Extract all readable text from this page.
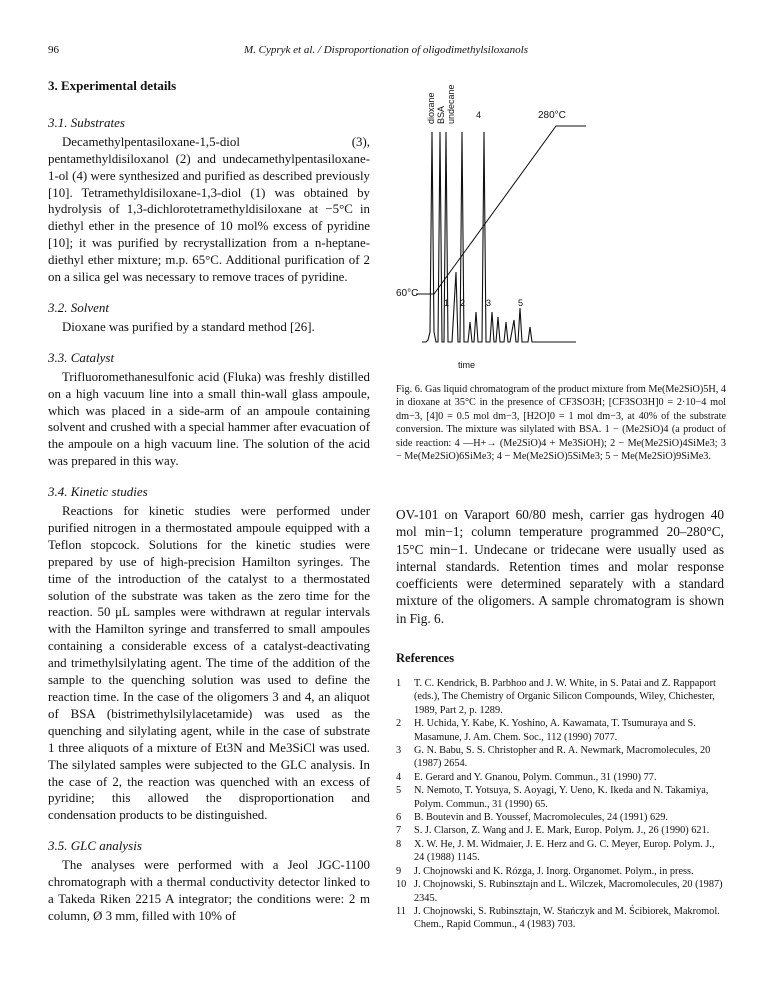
96	M. Cypryk et al. / Disproportionation of oligodimethylsiloxanols
3. Experimental details
3.1. Substrates

Decamethylpentasiloxane-1,5-diol (3), pentamethyldisiloxanol (2) and undecamethylpentasiloxane-1-ol (4) were synthesized and purified as described previously [10]. Tetramethyldisiloxane-1,3-diol (1) was obtained by hydrolysis of 1,3-dichlorotetramethyldisiloxane at −5°C in diethyl ether in the presence of 10 mol% excess of pyridine [10]; it was purified by recrystallization from a n-heptane-diethyl ether mixture; m.p. 65°C. Additional purification of 2 on a silica gel was necessary to remove traces of pyridine.

3.2. Solvent

Dioxane was purified by a standard method [26].

3.3. Catalyst

Trifluoromethanesulfonic acid (Fluka) was freshly distilled on a high vacuum line into a small thin-wall glass ampoule, which was placed in a side-arm of an ampoule containing solvent and crushed with a special hammer after evacuation of the ampoule on a high vacuum line. The solution of the acid was prepared in this way.

3.4. Kinetic studies

Reactions for kinetic studies were performed under purified nitrogen in a thermostated ampoule equipped with a Teflon stopcock. Solutions for the kinetic studies were prepared by use of high-precision Hamilton syringes. The time of the introduction of the catalyst to a thermostated solution of the substrate was taken as the zero time for the reaction. 50 μL samples were withdrawn at regular intervals with the Hamilton syringe and transferred to small ampoules containing a considerable excess of a catalyst-deactivating and trimethylsilylating agent. The time of the addition of the sample to the quenching solution was used to define the reaction time. In the case of the oligomers 3 and 4, an aliquot of BSA (bistrimethylsilylacetamide) was used as the quenching and silylating agent, while in the case of substrate 1 three aliquots of a mixture of Et3N and Me3SiCl was used. The silylated samples were subjected to the GLC analysis. In the case of 2, the reaction was quenched with an excess of pyridine; this allowed the disproportionation and condensation products to be distinguished.

3.5. GLC analysis

The analyses were performed with a Jeol JGC-1100 chromatograph with a thermal conductivity detector linked to a Takeda Riken 2215 A integrator; the conditions were: 2 m column, Ø 3 mm, filled with 10% of

dioxane BSA undecane 4	280°C
60°C
1 2 3	5
time
Fig. 6. Gas liquid chromatogram of the product mixture from Me(Me2SiO)5H, 4 in dioxane at 35°C in the presence of CF3SO3H; [CF3SO3H]0 = 2·10−4 mol dm−3, [4]0 = 0.5 mol dm−3, [H2O]0 = 1 mol dm−3, at 40% of the substrate conversion. The mixture was silylated with BSA. 1 − (Me2SiO)4 (a product of side reaction: 4 —H+→ (Me2SiO)4 + Me3SiOH); 2 − Me(Me2SiO)4SiMe3; 3 − Me(Me2SiO)6SiMe3; 4 − Me(Me2SiO)5SiMe3; 5 − Me(Me2SiO)9SiMe3.
OV-101 on Varaport 60/80 mesh, carrier gas hydrogen 40 mol min−1; column temperature programmed 20–280°C, 15°C min−1. Undecane or tridecane were usually used as internal standards. Retention times and molar response coefficients were determined separately with a standard mixture of the oligomers. A sample chromatogram is shown in Fig. 6.
References
1 T. C. Kendrick, B. Parbhoo and J. W. White, in S. Patai and Z. Rappaport (eds.), The Chemistry of Organic Silicon Compounds, Wiley, Chichester, 1989, Part 2, p. 1289.
2 H. Uchida, Y. Kabe, K. Yoshino, A. Kawamata, T. Tsumuraya and S. Masamune, J. Am. Chem. Soc., 112 (1990) 7077.
3 G. N. Babu, S. S. Christopher and R. A. Newmark, Macromolecules, 20 (1987) 2654.
4 E. Gerard and Y. Gnanou, Polym. Commun., 31 (1990) 77.
5 N. Nemoto, T. Yotsuya, S. Aoyagi, Y. Ueno, K. Ikeda and N. Takamiya, Polym. Commun., 31 (1990) 65.
6 B. Boutevin and B. Youssef, Macromolecules, 24 (1991) 629.
7 S. J. Clarson, Z. Wang and J. E. Mark, Europ. Polym. J., 26 (1990) 621.
8 X. W. He, J. M. Widmaier, J. E. Herz and G. C. Meyer, Europ. Polym. J., 24 (1988) 1145.
9 J. Chojnowski and K. Rózga, J. Inorg. Organomet. Polym., in press.
10 J. Chojnowski, S. Rubinsztajn and L. Wilczek, Macromolecules, 20 (1987) 2345.
11 J. Chojnowski, S. Rubinsztajn, W. Stańczyk and M. Ścibiorek, Makromol. Chem., Rapid Commun., 4 (1983) 703.
